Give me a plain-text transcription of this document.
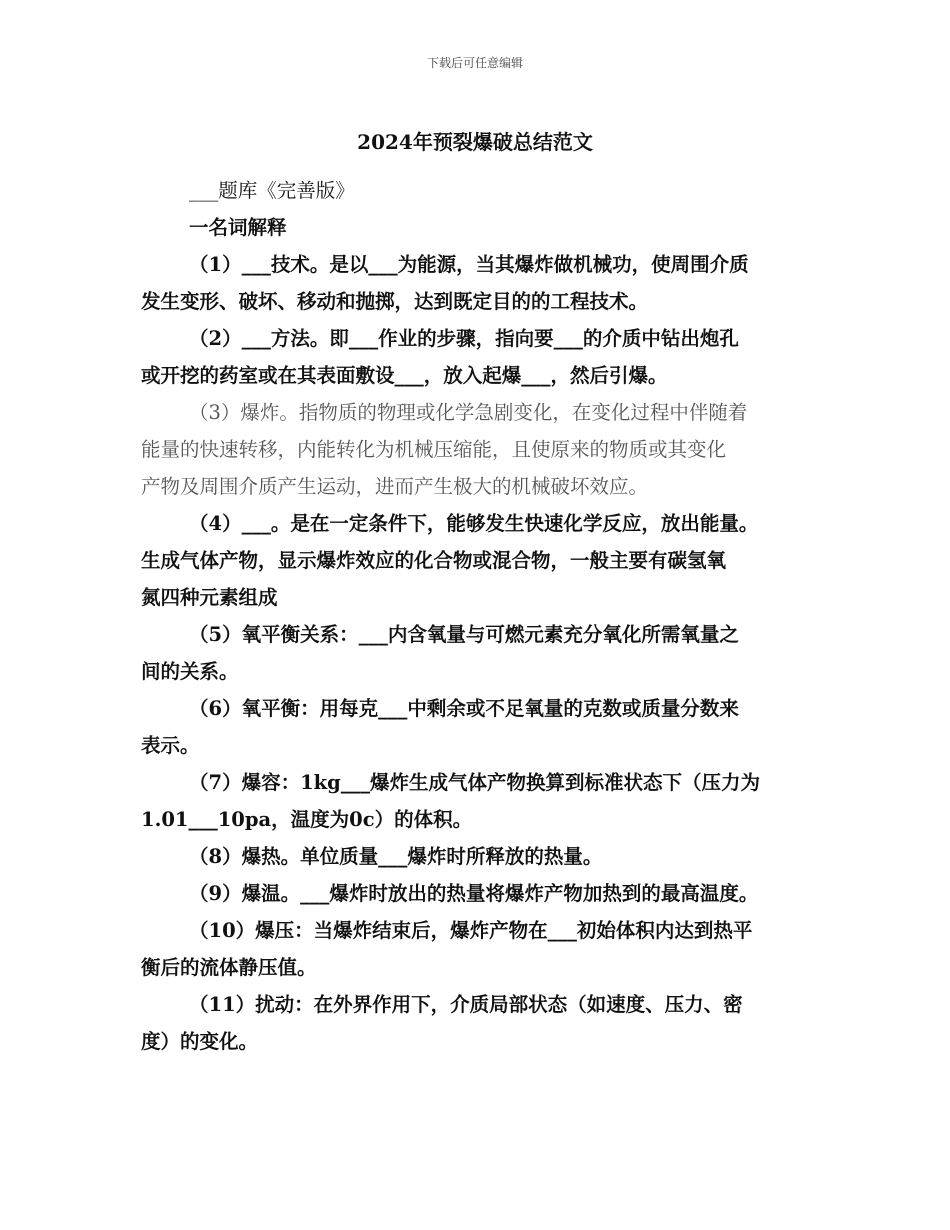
下载后可任意编辑
2024年预裂爆破总结范文
___题库《完善版》
一名词解释
（1）___技术。是以___为能源，当其爆炸做机械功，使周围介质
发生变形、破坏、移动和抛掷，达到既定目的的工程技术。
（2）___方法。即___作业的步骤，指向要___的介质中钻出炮孔
或开挖的药室或在其表面敷设___，放入起爆___，然后引爆。
（3）爆炸。指物质的物理或化学急剧变化，在变化过程中伴随着
能量的快速转移，内能转化为机械压缩能，且使原来的物质或其变化
产物及周围介质产生运动，进而产生极大的机械破坏效应。
（4）___。是在一定条件下，能够发生快速化学反应，放出能量。
生成气体产物，显示爆炸效应的化合物或混合物，一般主要有碳氢氧
氮四种元素组成
（5）氧平衡关系：___内含氧量与可燃元素充分氧化所需氧量之
间的关系。
（6）氧平衡：用每克___中剩余或不足氧量的克数或质量分数来
表示。
（7）爆容：1kg___爆炸生成气体产物换算到标准状态下（压力为
1.01___10pa，温度为0c）的体积。
（8）爆热。单位质量___爆炸时所释放的热量。
（9）爆温。___爆炸时放出的热量将爆炸产物加热到的最高温度。
（10）爆压：当爆炸结束后，爆炸产物在___初始体积内达到热平
衡后的流体静压值。
（11）扰动：在外界作用下，介质局部状态（如速度、压力、密
度）的变化。
